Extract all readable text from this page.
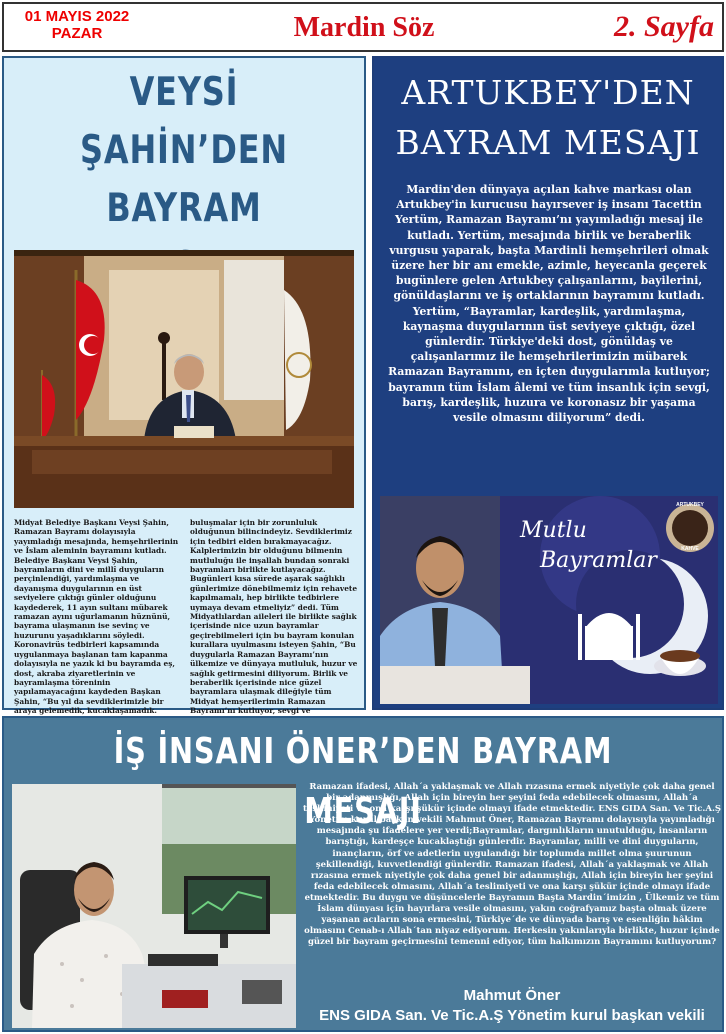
01 MAYIS 2022
PAZAR	Mardin Söz	2. Sayfa
VEYSİ ŞAHİN’DEN
BAYRAM

Midyat Belediye Başkanı Veysi Şahin, Ramazan Bayramı dolayısıyla yayımladığı mesajında, hemşehrilerinin ve İslam aleminin bayramını kutladı. Belediye Başkanı Veysi Şahin, bayramların dini ve millî duyguların perçinlendiği, yardımlaşma ve dayanışma duygularının en üst seviyelere çıktığı günler olduğunu kaydederek, 11 ayın sultanı mübarek ramazan ayını uğurlamanın hüznünü, bayrama ulaşmanın ise sevinç ve huzurunu yaşadıklarını söyledi. Koronavirüs tedbirleri kapsamında uygulanmaya başlanan tam kapanma dolayısıyla ne yazık ki bu bayramda eş, dost, akraba ziyaretlerinin ve bayramlaşma töreninin yapılamayacağını kaydeden Başkan Şahin, “Bu yıl da sevdiklerimizle bir araya gelemedik, kucaklaşamadık.

buluşmalar için bir zorunluluk olduğunun bilincindeyiz. Sevdiklerimiz için tedbiri elden bırakmayacağız. Kalplerimizin bir olduğunu bilmenin mutluluğu ile inşallah bundan sonraki bayramları birlikte kutlayacağız. Bugünleri kısa sürede aşarak sağlıklı günlerimize dönebilmemiz için rehavete kapılmamalı, hep birlikte tedbirlere uymaya devam etmeliyiz” dedi. Tüm Midyatlılardan aileleri ile birlikte sağlık içerisinde nice uzun bayramlar geçirebilmeleri için bu bayram konulan kurallara uyulmasını isteyen Şahin, “Bu duygularla Ramazan Bayramı’nın ülkemize ve dünyaya mutluluk, huzur ve sağlık getirmesini diliyorum. Birlik ve beraberlik içerisinde nice güzel bayramlara ulaşmak dileğiyle tüm Midyat hemşerilerimin Ramazan Bayramı’nı kutluyor, sevgi ve

ARTUKBEY'DEN
BAYRAM MESAJI
Mardin'den dünyaya açılan kahve markası olan Artukbey'in kurucusu hayırsever iş insanı Tacettin Yertüm, Ramazan Bayramı’nı yayımladığı mesaj ile kutladı. Yertüm, mesajında birlik ve beraberlik vurgusu yaparak, başta Mardinli hemşehrileri olmak üzere her bir anı emekle, azimle, heyecanla geçerek bugünlere gelen Artukbey çalışanlarını, bayilerini, gönüldaşlarını ve iş ortaklarının bayramını kutladı. Yertüm, “Bayramlar, kardeşlik, yardımlaşma, kaynaşma duygularının üst seviyeye çıktığı, özel günlerdir. Türkiye'deki dost, gönüldaş ve çalışanlarımız ile hemşehrilerimizin mübarek Ramazan Bayramını, en içten duygularımla kutluyor; bayramın tüm İslam âlemi ve tüm insanlık için sevgi, barış, kardeşlik, huzura ve koronasız bir yaşama vesile olmasını diliyorum” dedi.
Mutlu
Bayramlar
ARTUKBEY
KAHVE
İŞ İNSANI ÖNER’DEN BAYRAM MESAJI
Ramazan ifadesi, Allah´a yaklaşmak ve Allah rızasına ermek niyetiyle çok daha genel bir adanmışlığı, Allah için bireyin her şeyini feda edebilecek olmasını, Allah´a teslimiyeti ve ona karşı şükür içinde olmayı ifade etmektedir. ENS GIDA San. Ve Tic.A.Ş Yönetim kurul başkan vekili Mahmut Öner, Ramazan Bayramı dolayısıyla yayımladığı mesajında şu ifadelere yer verdi;Bayramlar, dargınlıkların unutulduğu, insanların barıştığı, kardeşçe kucaklaştığı günlerdir. Bayramlar, milli ve dini duyguların, inançların, örf ve adetlerin uygulandığı bir toplumda millet olma şuurunun şekillendiği, kuvvetlendiği günlerdir. Ramazan ifadesi, Allah´a yaklaşmak ve Allah rızasına ermek niyetiyle çok daha genel bir adanmışlığı, Allah için bireyin her şeyini feda edebilecek olmasını, Allah´a teslimiyeti ve ona karşı şükür içinde olmayı ifade etmektedir. Bu duygu ve düşüncelerle Bayramın Başta Mardin´imizin , Ülkemiz ve tüm İslam dünyası için hayırlara vesile olmasını, yakın coğrafyamız başta olmak üzere yaşanan acıların sona ermesini, Türkiye´de ve dünyada barış ve esenliğin hâkim olmasını Cenab-ı Allah´tan niyaz ediyorum. Herkesin yakınlarıyla birlikte, huzur içinde güzel bir bayram geçirmesini temenni ediyor, tüm halkımızın Bayramını kutluyorum?
Mahmut Öner
ENS GIDA San. Ve Tic.A.Ş Yönetim kurul başkan vekili
